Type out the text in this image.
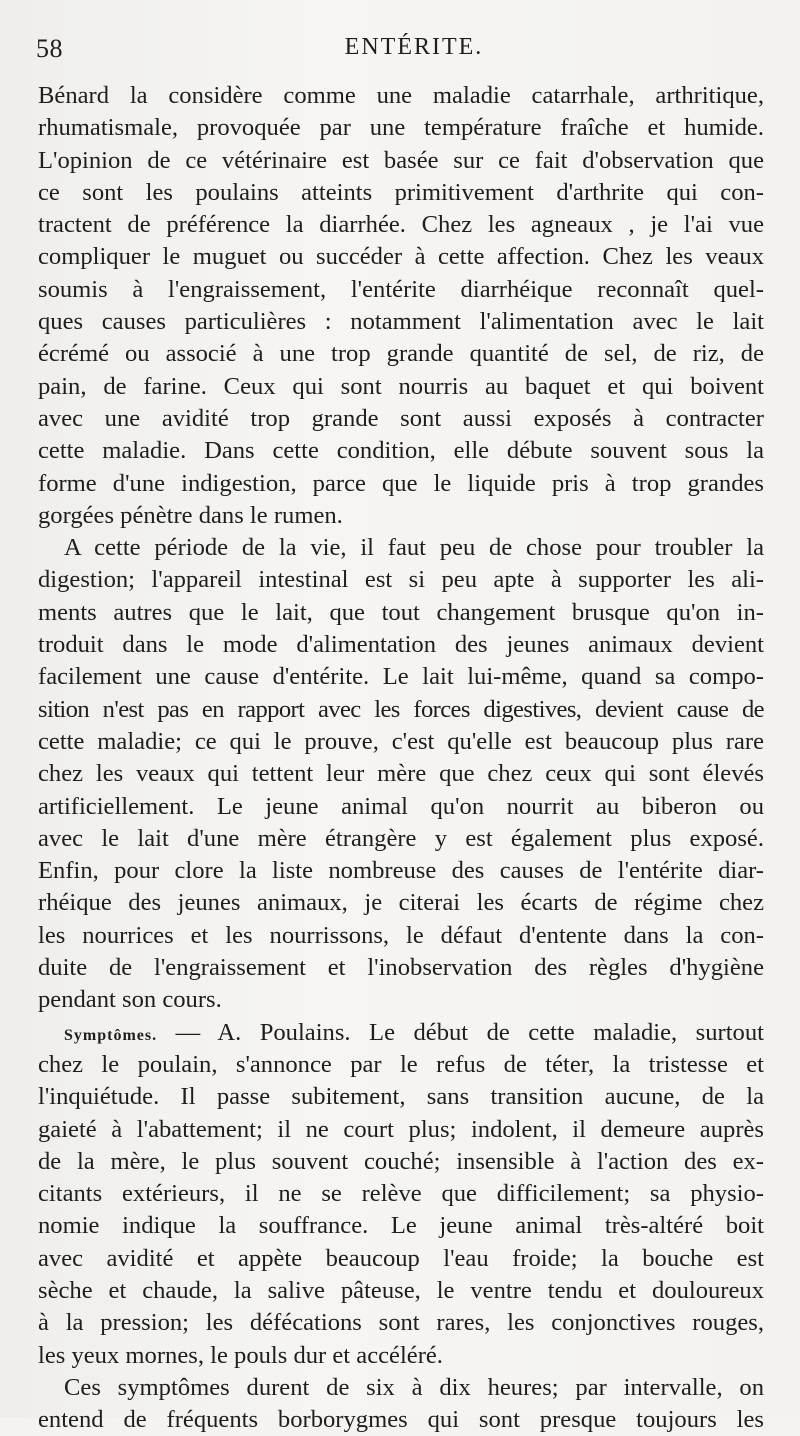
58	ENTÉRITE.
Bénard la considère comme une maladie catarrhale, arthritique,
rhumatismale, provoquée par une température fraîche et humide.
L'opinion de ce vétérinaire est basée sur ce fait d'observation que
ce sont les poulains atteints primitivement d'arthrite qui con-
tractent de préférence la diarrhée. Chez les agneaux , je l'ai vue
compliquer le muguet ou succéder à cette affection. Chez les veaux
soumis à l'engraissement, l'entérite diarrhéique reconnaît quel-
ques causes particulières : notamment l'alimentation avec le lait
écrémé ou associé à une trop grande quantité de sel, de riz, de
pain, de farine. Ceux qui sont nourris au baquet et qui boivent
avec une avidité trop grande sont aussi exposés à contracter
cette maladie. Dans cette condition, elle débute souvent sous la
forme d'une indigestion, parce que le liquide pris à trop grandes
gorgées pénètre dans le rumen.
A cette période de la vie, il faut peu de chose pour troubler la
digestion; l'appareil intestinal est si peu apte à supporter les ali-
ments autres que le lait, que tout changement brusque qu'on in-
troduit dans le mode d'alimentation des jeunes animaux devient
facilement une cause d'entérite. Le lait lui-même, quand sa compo-
sition n'est pas en rapport avec les forces digestives, devient cause de
cette maladie; ce qui le prouve, c'est qu'elle est beaucoup plus rare
chez les veaux qui tettent leur mère que chez ceux qui sont élevés
artificiellement. Le jeune animal qu'on nourrit au biberon ou
avec le lait d'une mère étrangère y est également plus exposé.
Enfin, pour clore la liste nombreuse des causes de l'entérite diar-
rhéique des jeunes animaux, je citerai les écarts de régime chez
les nourrices et les nourrissons, le défaut d'entente dans la con-
duite de l'engraissement et l'inobservation des règles d'hygiène
pendant son cours.
Symptômes. — A. Poulains. Le début de cette maladie, surtout
chez le poulain, s'annonce par le refus de téter, la tristesse et
l'inquiétude. Il passe subitement, sans transition aucune, de la
gaieté à l'abattement; il ne court plus; indolent, il demeure auprès
de la mère, le plus souvent couché; insensible à l'action des ex-
citants extérieurs, il ne se relève que difficilement; sa physio-
nomie indique la souffrance. Le jeune animal très-altéré boit
avec avidité et appète beaucoup l'eau froide; la bouche est
sèche et chaude, la salive pâteuse, le ventre tendu et douloureux
à la pression; les défécations sont rares, les conjonctives rouges,
les yeux mornes, le pouls dur et accéléré.
Ces symptômes durent de six à dix heures; par intervalle, on
entend de fréquents borborygmes qui sont presque toujours les
